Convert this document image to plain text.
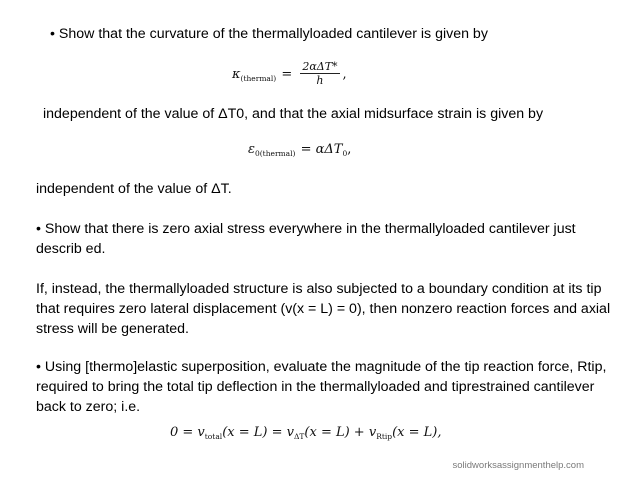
• Show that the curvature of the thermallyloaded cantilever is given by
$\kappa_{(thermal)} = \frac{\text{2αΔT*}}{h}$ ,
independent of the value of ΔT0, and that the axial midsurface strain is given by
$\varepsilon_{0(thermal)} = \alpha\Delta T_0$,
independent of the value of ΔT.
• Show that there is zero axial stress everywhere in the thermallyloaded cantilever just describ ed.
If, instead, the thermallyloaded structure is also subjected to a boundary condition at its tip that requires zero lateral displacement (v(x = L) = 0), then nonzero reaction forces and axial stress will be generated.
• Using [thermo]elastic superposition, evaluate the magnitude of the tip reaction force, Rtip, required to bring the total tip deflection in the thermallyloaded and tiprestrained cantilever back to zero; i.e.
$0 = v_{total}(x = L) = v_{\Delta T}(x = L) + v_{Rtip}(x = L)$,
solidworksassignmenthelp.com
